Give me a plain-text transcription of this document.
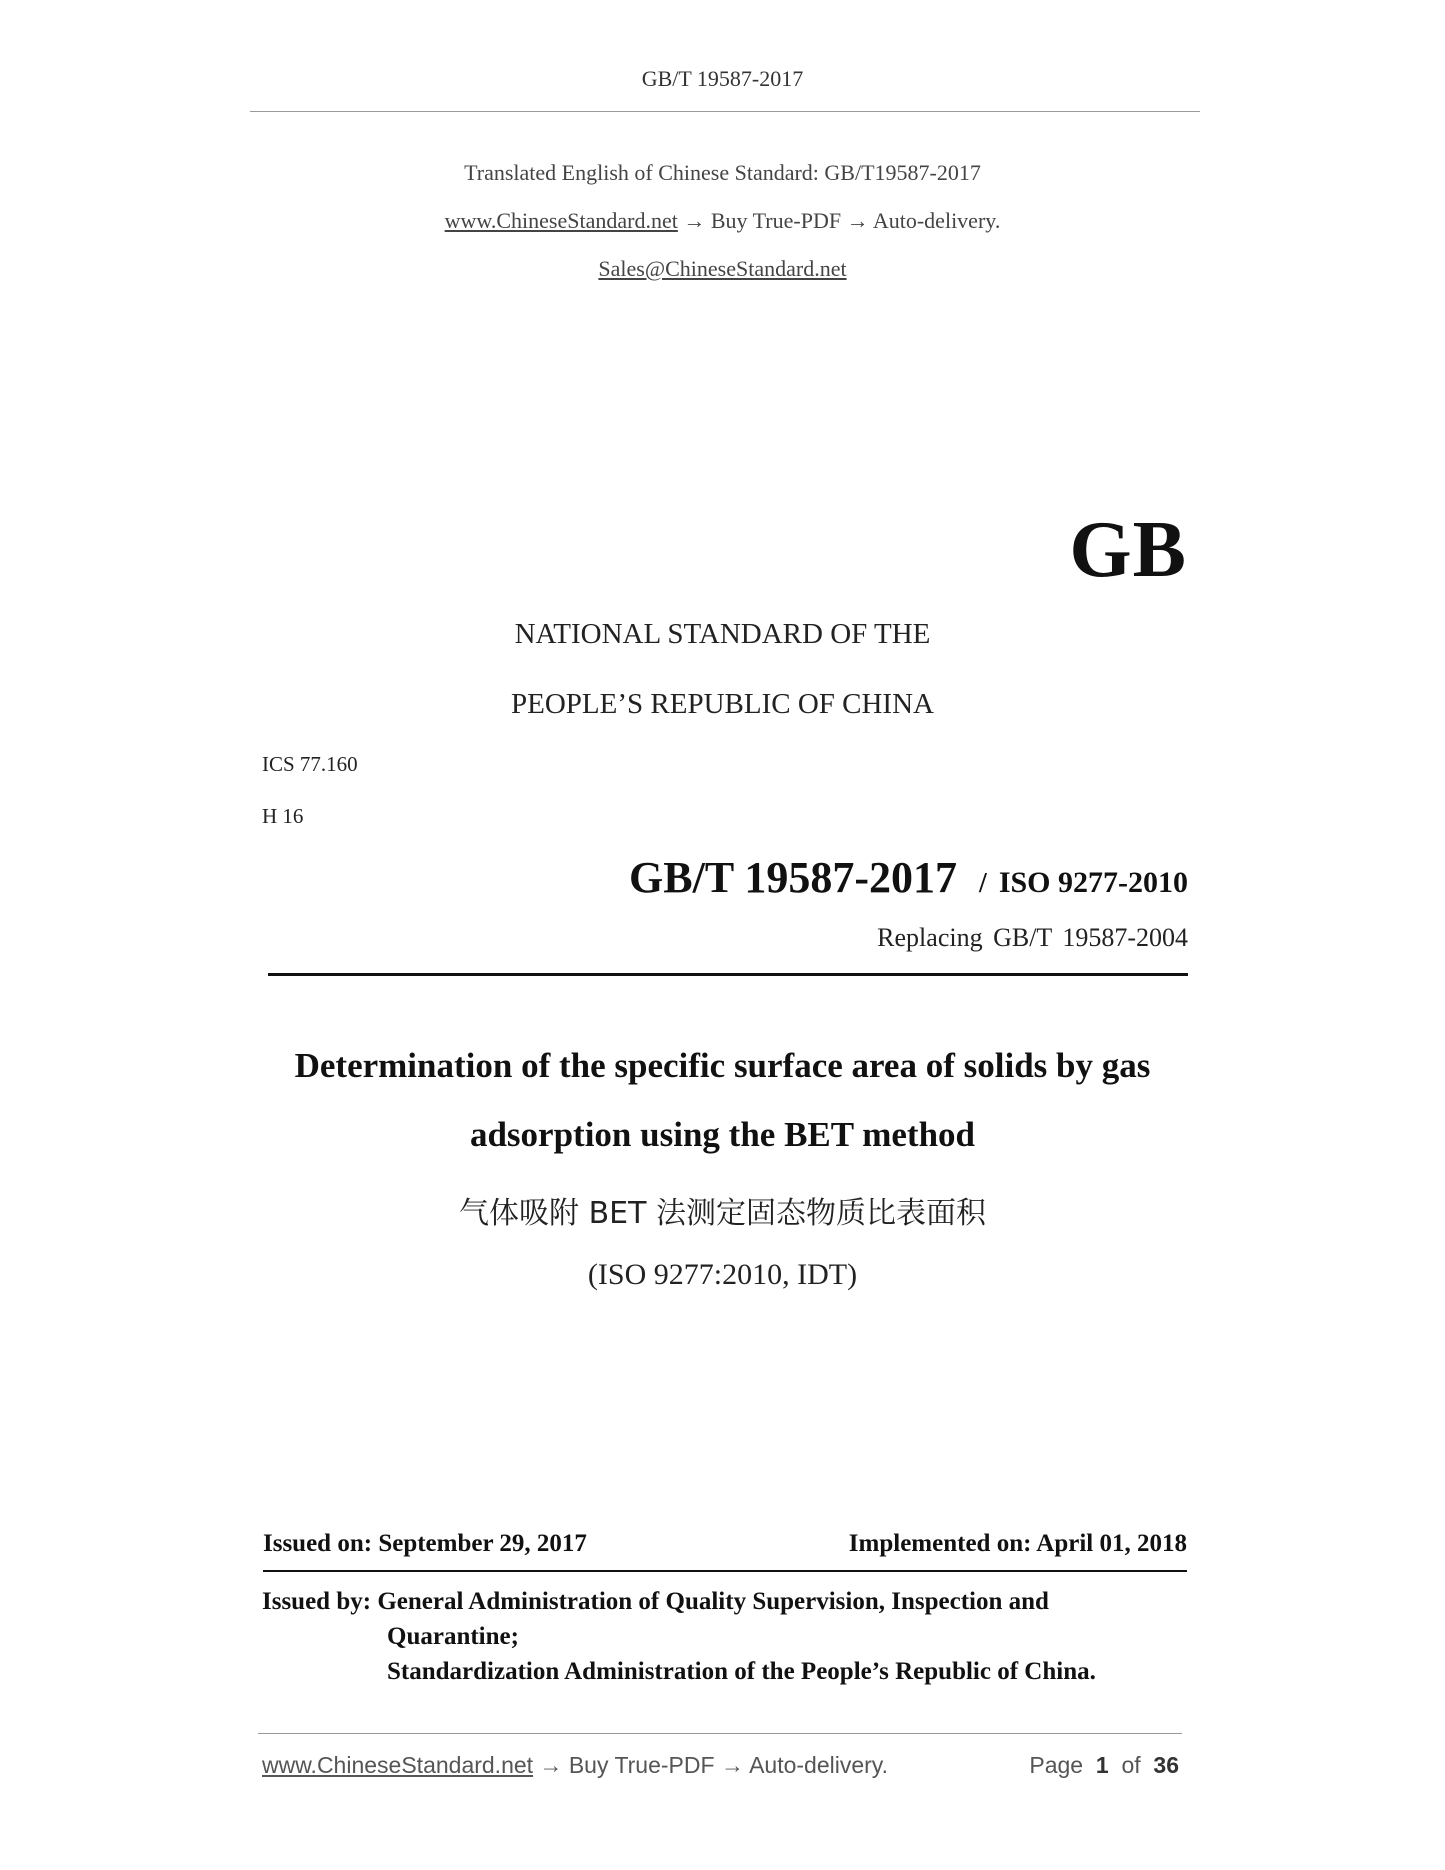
GB/T 19587-2017
Translated English of Chinese Standard: GB/T19587-2017
www.ChineseStandard.net → Buy True-PDF → Auto-delivery.
Sales@ChineseStandard.net
GB
NATIONAL STANDARD OF THE
PEOPLE’S REPUBLIC OF CHINA
ICS 77.160
H 16
GB/T 19587-2017 / ISO 9277-2010
Replacing GB/T 19587-2004
Determination of the specific surface area of solids by gas
adsorption using the BET method
气体吸附 BET 法测定固态物质比表面积
(ISO 9277:2010, IDT)
Issued on: September 29, 2017	Implemented on: April 01, 2018
Issued by: General Administration of Quality Supervision, Inspection and
Quarantine;
Standardization Administration of the People’s Republic of China.
www.ChineseStandard.net → Buy True-PDF → Auto-delivery.	Page 1 of 36
